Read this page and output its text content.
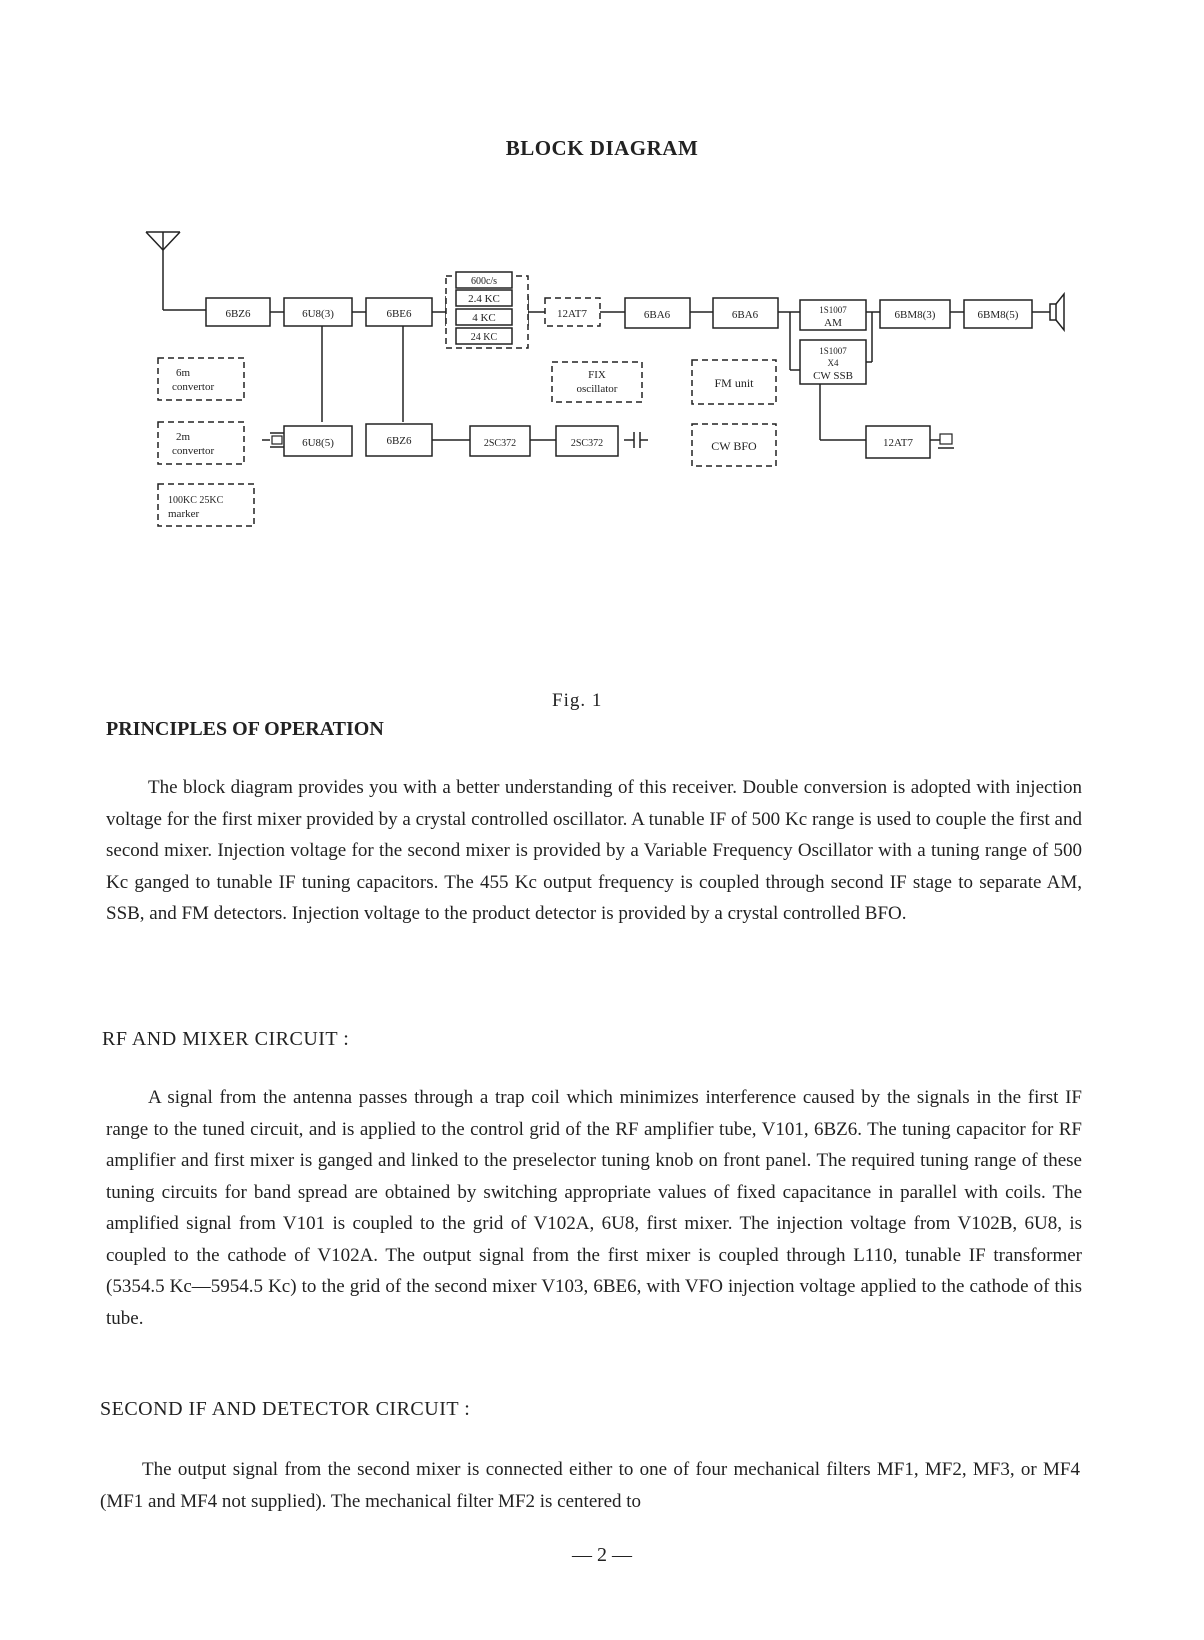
BLOCK DIAGRAM
6BZ6	6U8(3)	6BE6
600c/s
2.4 KC
4 KC
24 KC
12AT7	6BA6	6BA6	1S1007
AM
1S1007
X4
CW SSB
6BM8(3)	6BM8(5)
6m
convertor
FIX
oscillator	FM unit
2m
convertor
6U8(5)	6BZ6	2SC372	2SC372	CW BFO	12AT7
100KC 25KC
marker
Fig. 1
PRINCIPLES OF OPERATION
The block diagram provides you with a better understanding of this receiver. Double conversion is adopted with injection voltage for the first mixer provided by a crystal controlled oscillator. A tunable IF of 500 Kc range is used to couple the first and second mixer. Injection voltage for the second mixer is provided by a Variable Frequency Oscillator with a tuning range of 500 Kc ganged to tunable IF tuning capacitors. The 455 Kc output frequency is coupled through second IF stage to separate AM, SSB, and FM detectors. Injection voltage to the product detector is provided by a crystal controlled BFO.
RF AND MIXER CIRCUIT :
A signal from the antenna passes through a trap coil which minimizes interference caused by the signals in the first IF range to the tuned circuit, and is applied to the control grid of the RF amplifier tube, V101, 6BZ6. The tuning capacitor for RF amplifier and first mixer is ganged and linked to the preselector tuning knob on front panel. The required tuning range of these tuning circuits for band spread are obtained by switching appropriate values of fixed capacitance in parallel with coils. The amplified signal from V101 is coupled to the grid of V102A, 6U8, first mixer. The injection voltage from V102B, 6U8, is coupled to the cathode of V102A. The output signal from the first mixer is coupled through L110, tunable IF transformer (5354.5 Kc—5954.5 Kc) to the grid of the second mixer V103, 6BE6, with VFO injection voltage applied to the cathode of this tube.
SECOND IF AND DETECTOR CIRCUIT :
The output signal from the second mixer is connected either to one of four mechanical filters MF1, MF2, MF3, or MF4 (MF1 and MF4 not supplied). The mechanical filter MF2 is centered to
— 2 —
